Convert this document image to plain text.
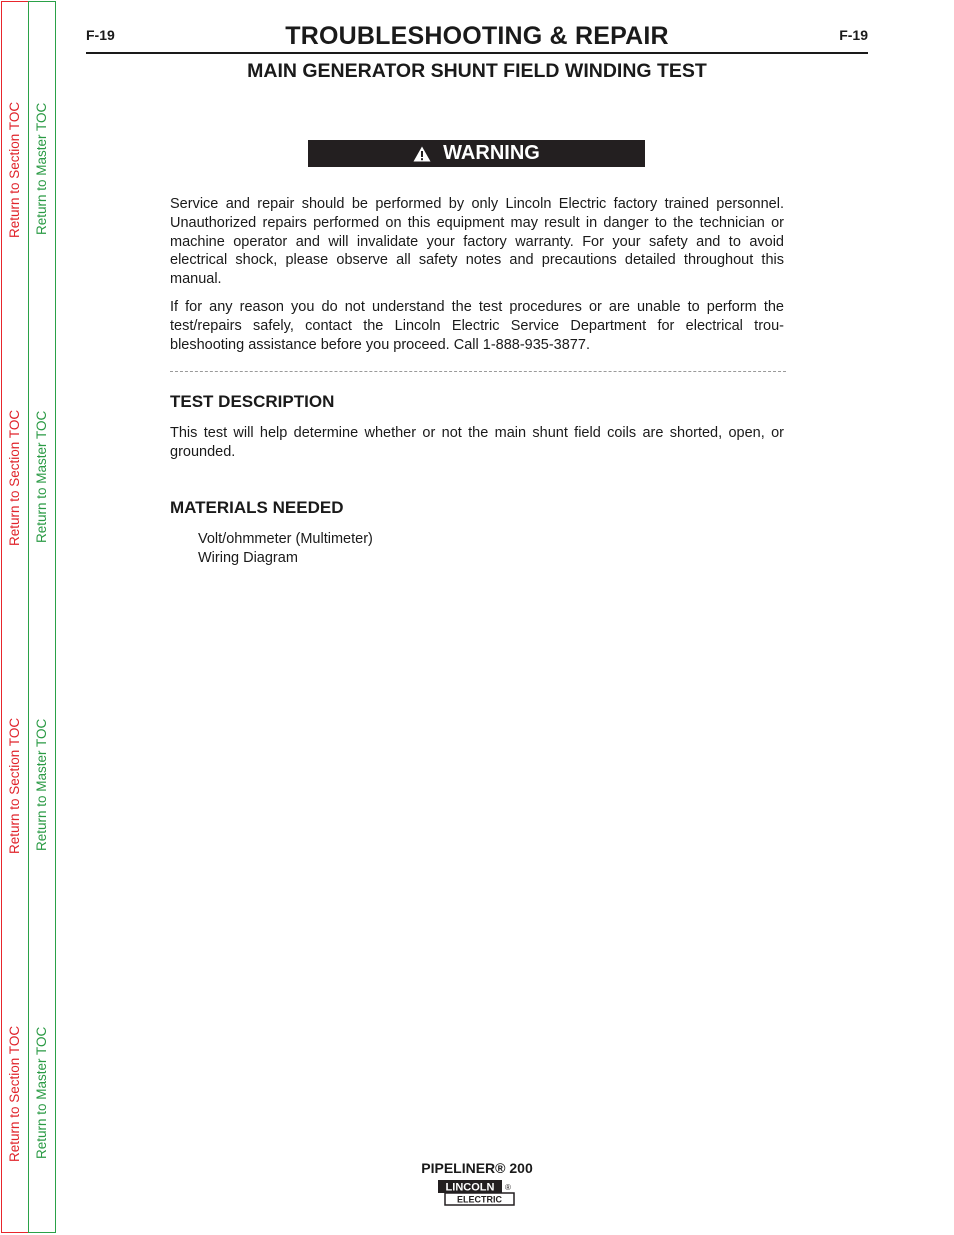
Return to Section TOC
Return to Section TOC
Return to Section TOC
Return to Section TOC
Return to Master TOC
Return to Master TOC
Return to Master TOC
Return to Master TOC
F-19	F-19
TROUBLESHOOTING & REPAIR
MAIN GENERATOR SHUNT FIELD WINDING TEST
WARNING

Service and repair should be performed by only Lincoln Electric factory trained personnel. Unauthorized repairs performed on this equipment may result in danger to the technician or machine operator and will invalidate your factory warranty. For your safety and to avoid electrical shock, please observe all safety notes and precautions detailed throughout this manual.

If for any reason you do not understand the test procedures or are unable to perform the test/repairs safely, contact the Lincoln Electric Service Department for electrical trou-bleshooting assistance before you proceed. Call 1-888-935-3877.

TEST DESCRIPTION

This test will help determine whether or not the main shunt field coils are shorted, open, or grounded.

MATERIALS NEEDED
Volt/ohmmeter (Multimeter)
Wiring Diagram
PIPELINER® 200
LINCOLN ®
ELECTRIC
